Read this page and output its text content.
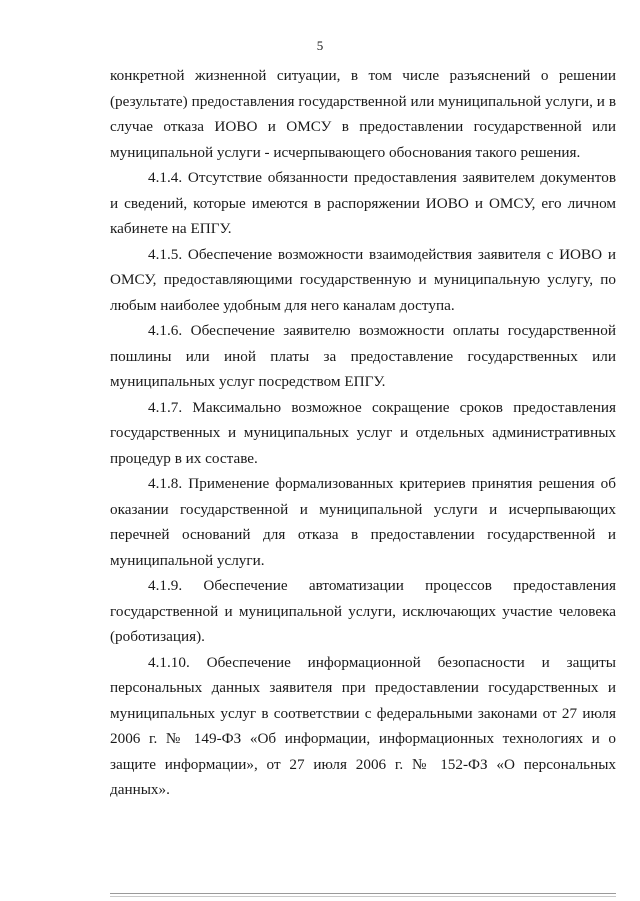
5

конкретной жизненной ситуации, в том числе разъяснений о решении (результате) предоставления государственной или муниципальной услуги, и в случае отказа ИОВО и ОМСУ в предоставлении государственной или муниципальной услуги - исчерпывающего обоснования такого решения.

4.1.4. Отсутствие обязанности предоставления заявителем документов и сведений, которые имеются в распоряжении ИОВО и ОМСУ, его личном кабинете на ЕПГУ.

4.1.5. Обеспечение возможности взаимодействия заявителя с ИОВО и ОМСУ, предоставляющими государственную и муниципальную услугу, по любым наиболее удобным для него каналам доступа.

4.1.6. Обеспечение заявителю возможности оплаты государственной пошлины или иной платы за предоставление государственных или муниципальных услуг посредством ЕПГУ.

4.1.7. Максимально возможное сокращение сроков предоставления государственных и муниципальных услуг и отдельных административных процедур в их составе.

4.1.8. Применение формализованных критериев принятия решения об оказании государственной и муниципальной услуги и исчерпывающих перечней оснований для отказа в предоставлении государственной и муниципальной услуги.

4.1.9. Обеспечение автоматизации процессов предоставления государственной и муниципальной услуги, исключающих участие человека (роботизация).

4.1.10. Обеспечение информационной безопасности и защиты персональных данных заявителя при предоставлении государственных и муниципальных услуг в соответствии с федеральными законами от 27 июля 2006 г. № 149-ФЗ «Об информации, информационных технологиях и о защите информации», от 27 июля 2006 г. № 152-ФЗ «О персональных данных».
